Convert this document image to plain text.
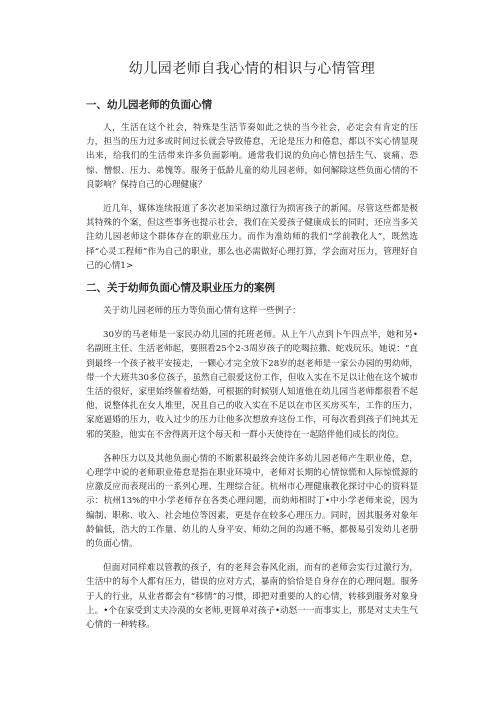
幼儿园老师自我心情的相识与心情管理
一、幼儿园老师的负面心情

人，生活在这个社会，特殊是生活节奏如此之快的当今社会，必定会有肯定的压力，担当的压力过多或时间过长就会导致倦怠，无论是压力和倦怠，都以不实心情显现出来，给我们的生活带来许多负面影响。通常我们说的负向心情包括生气、哀痛、恐惊、憎恨、压力、弟愧等。服务于低龄儿童的幼儿园老师，如何解除这些负面心情的不良影响？保持自己的心理健康？

近几年，媒体连续报道了多次老加采纳过激行为损害孩子的新闻。尽管这些都是极其特殊的个案，但这些事务也提示社会，我们在关爱孩子健康成长的同时，还应当多关注幼儿园老师这个群体存在的职业压力。而作为准幼师的我们“学前教化人”，既然选择“心灵工程师”作为自己的职业，那么也必需做好心理打算，学会面对压力，管理好自己的心情1>

二、关于幼师负面心情及职业压力的案例

关于幼儿园老师的压力等负面心情有这样一些例子：

30岁的马老师是一家民办幼儿园的托班老师。从上午八点到卜午四点半，她和另•名副班主任、生活老师起，要照看25个2-3周岁孩子的吃喝拉撒、蛇戏玩乐。她说：“直到最终一个孩子被平安接走，一颗心才完全放下28岁的赵老师是一家公办园的男幼师，带一个大班共30多位孩子，虽然自己很爱这份工作，但收入实在不足以让他在这个城市生活的很好，家里始终催着结婚，可根据的时候别人知道他在幼儿园当老师都很看不起他，说整体扎在女人堆里，况且自己的收入实在不足以在市区买房买车，工作的压力，家庭逼婚的压力，收入过少的压力让他多次想放弃这份工作，可每次看到孩子们纯其无邪的笑脸，他实在不舍得离开这个每天和一群小天使待在一起陪伴他们成长的岗位。

各种压力以及其他负面心情的不断累积最终会使许多幼儿园老师产生职业倦，怠，心理学中说的老师职业倦怠是指在职业环境中，老师对长期的心情惊慌和人际惊慌源的应激反应而表现出的一系列心理、生理综合征。杭州市心理健康教化探讨中心的资料显示：杭州13%的中小学老师存在各类心理问题，而幼师相时丁•中小学老师来说，因为编制、职称、收入、社会地位等因素，更是存在较多心理压力。同时，因其服务对象年龄偏低，浩大的工作量、幼儿的人身平安、师幼之间的沟通不畅，都极易引发幼儿老册的负面心情。

但面对同样难以管教的孩子，有的老拜会春风化雨，而有的老师会实行过激行为，生活中的每个人都有压力，错误的应对方式，暴南的恰恰是自身存在的心理问题。服务于人的行业，从业者都会有“移情”的习惯，即把对重要的人的心情，转移到服务对象身上。•个在家受到丈夫冷漠的女老师,更简单对孩子•动怒一一而事实上，那是对丈夫生气心情的一种转移。
